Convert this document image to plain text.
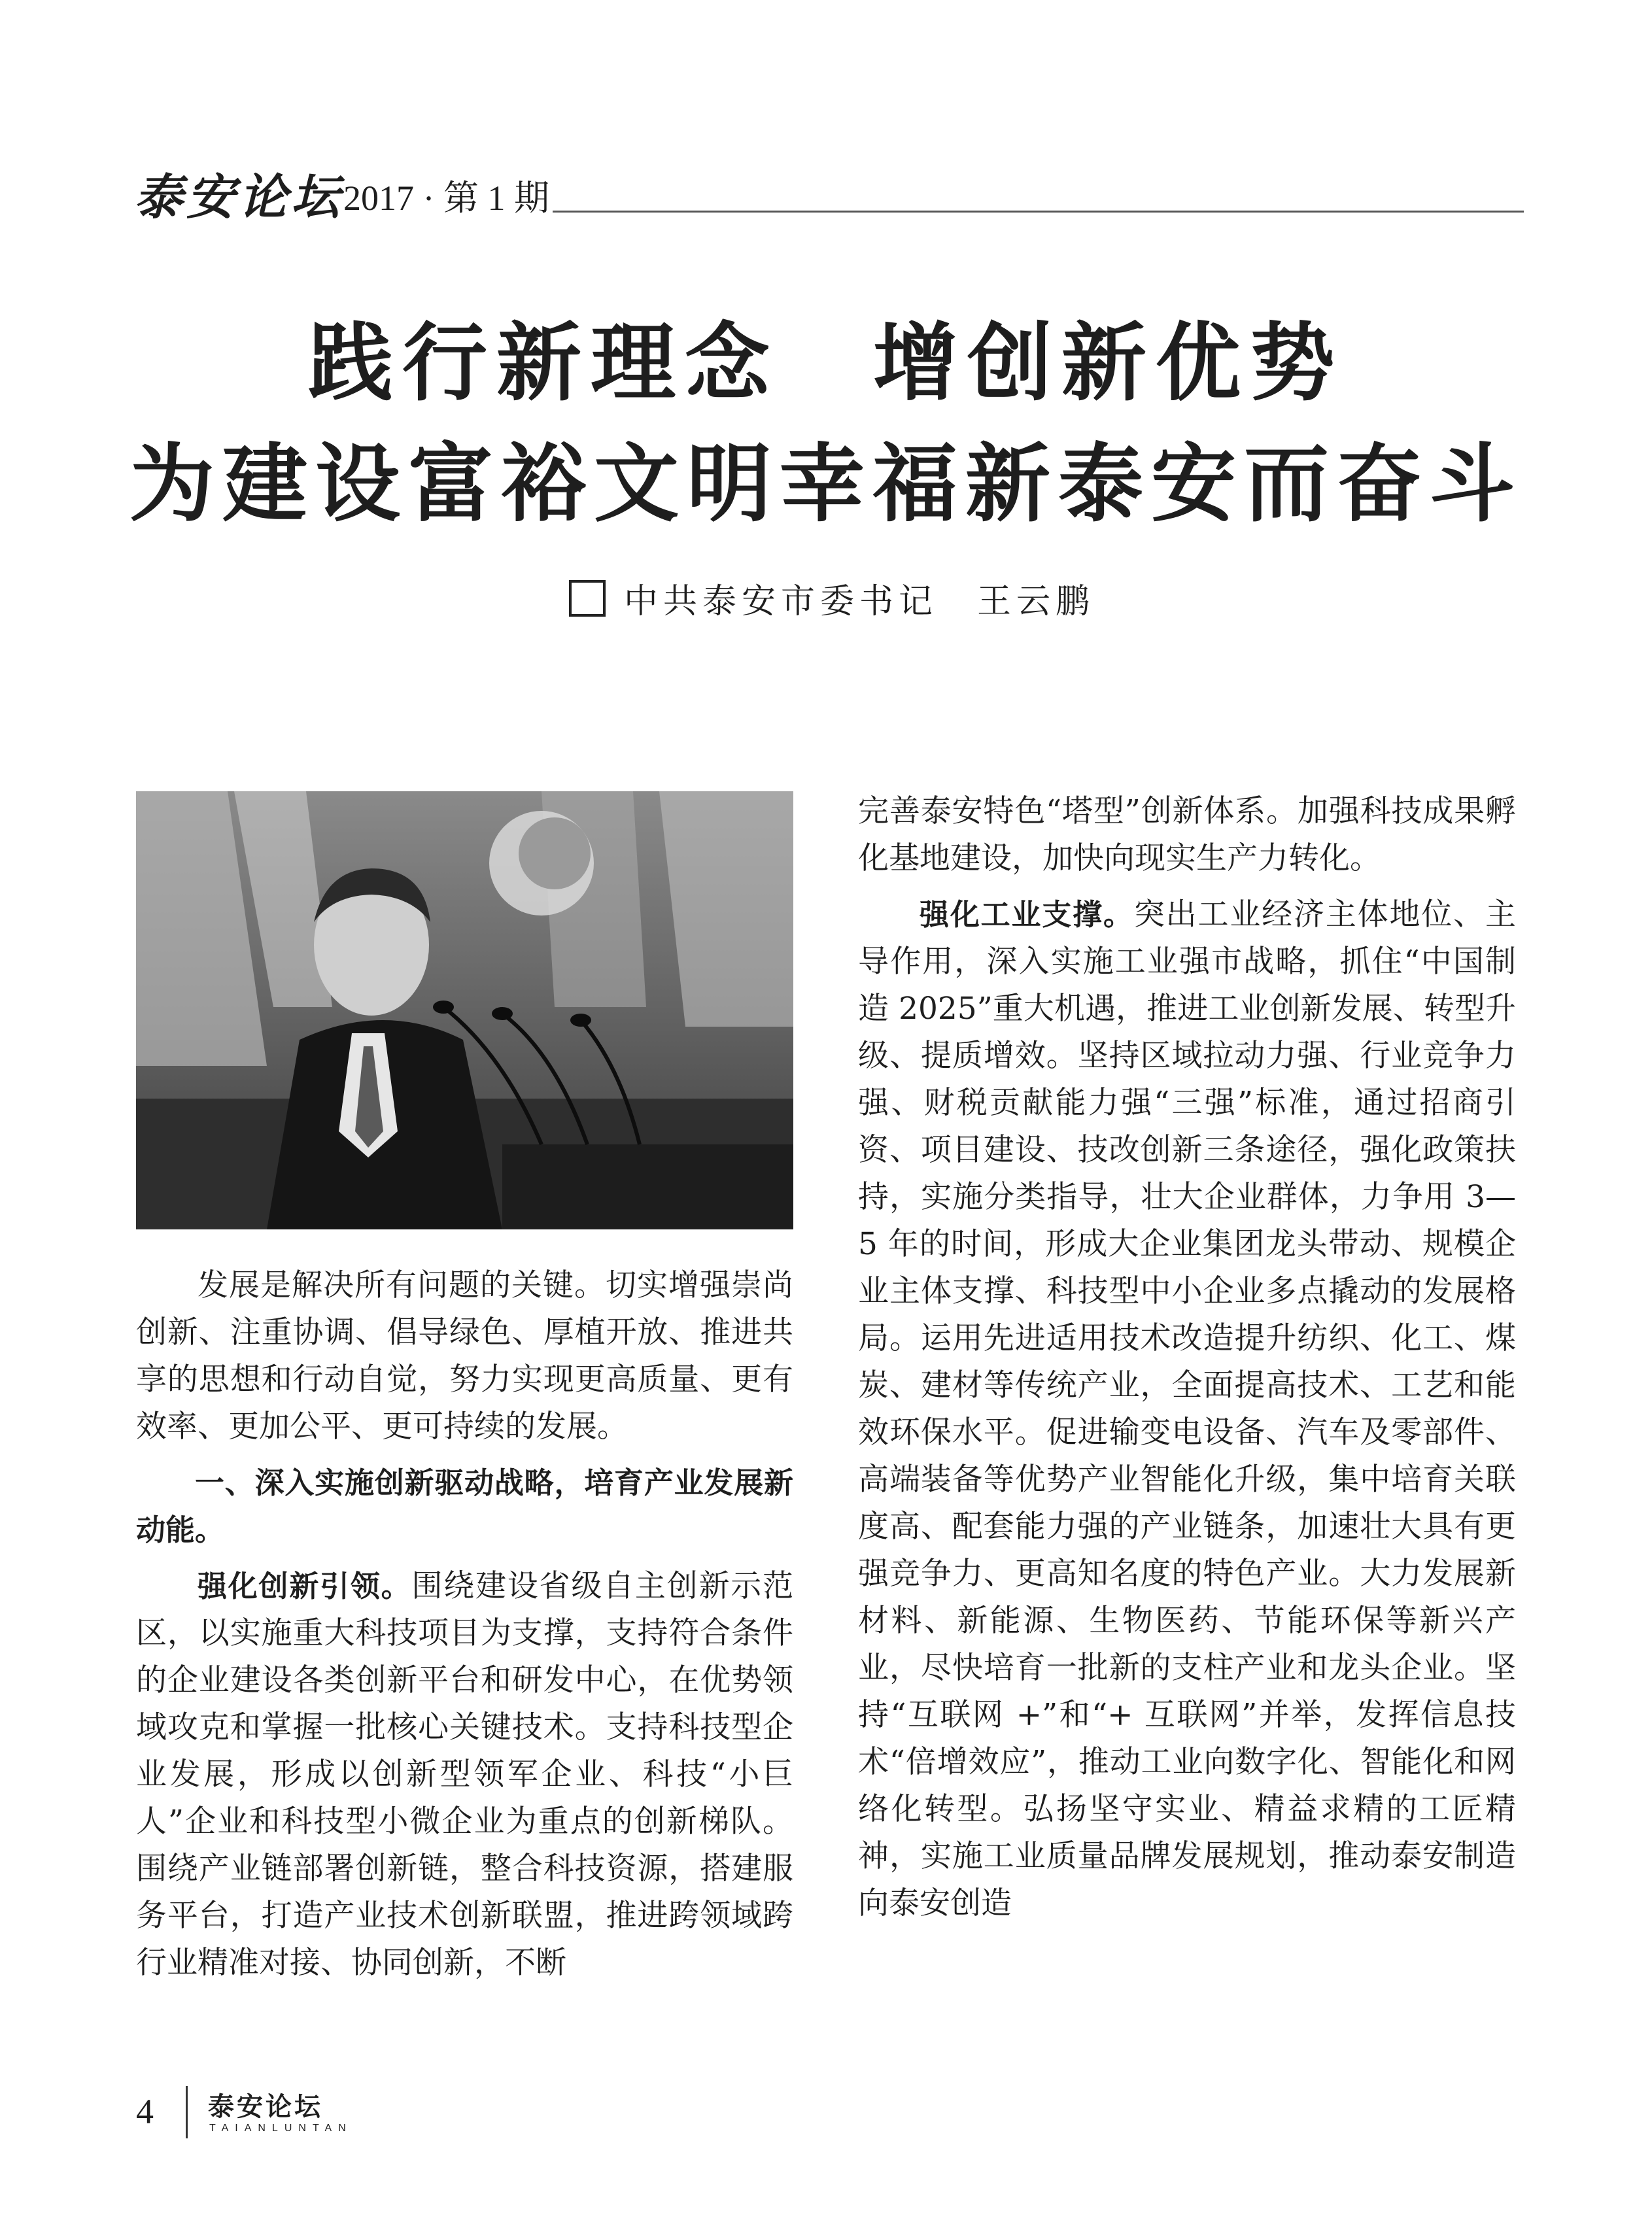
泰安论坛 2017 · 第 1 期
践行新理念　增创新优势
为建设富裕文明幸福新泰安而奋斗
中共泰安市委书记 王云鹏

发展是解决所有问题的关键。切实增强崇尚创新、注重协调、倡导绿色、厚植开放、推进共享的思想和行动自觉，努力实现更高质量、更有效率、更加公平、更可持续的发展。

一、深入实施创新驱动战略，培育产业发展新动能。

强化创新引领。围绕建设省级自主创新示范区，以实施重大科技项目为支撑，支持符合条件的企业建设各类创新平台和研发中心，在优势领域攻克和掌握一批核心关键技术。支持科技型企业发展，形成以创新型领军企业、科技“小巨人”企业和科技型小微企业为重点的创新梯队。围绕产业链部署创新链，整合科技资源，搭建服务平台，打造产业技术创新联盟，推进跨领域跨行业精准对接、协同创新，不断

完善泰安特色“塔型”创新体系。加强科技成果孵化基地建设，加快向现实生产力转化。

强化工业支撑。突出工业经济主体地位、主导作用，深入实施工业强市战略，抓住“中国制造 2025”重大机遇，推进工业创新发展、转型升级、提质增效。坚持区域拉动力强、行业竞争力强、财税贡献能力强“三强”标准，通过招商引资、项目建设、技改创新三条途径，强化政策扶持，实施分类指导，壮大企业群体，力争用 3—5 年的时间，形成大企业集团龙头带动、规模企业主体支撑、科技型中小企业多点撬动的发展格局。运用先进适用技术改造提升纺织、化工、煤炭、建材等传统产业，全面提高技术、工艺和能效环保水平。促进输变电设备、汽车及零部件、高端装备等优势产业智能化升级，集中培育关联度高、配套能力强的产业链条，加速壮大具有更强竞争力、更高知名度的特色产业。大力发展新材料、新能源、生物医药、节能环保等新兴产业，尽快培育一批新的支柱产业和龙头企业。坚持“互联网 +”和“+ 互联网”并举，发挥信息技术“倍增效应”，推动工业向数字化、智能化和网络化转型。弘扬坚守实业、精益求精的工匠精神，实施工业质量品牌发展规划，推动泰安制造向泰安创造

4 泰安论坛
TAIANLUNTAN
